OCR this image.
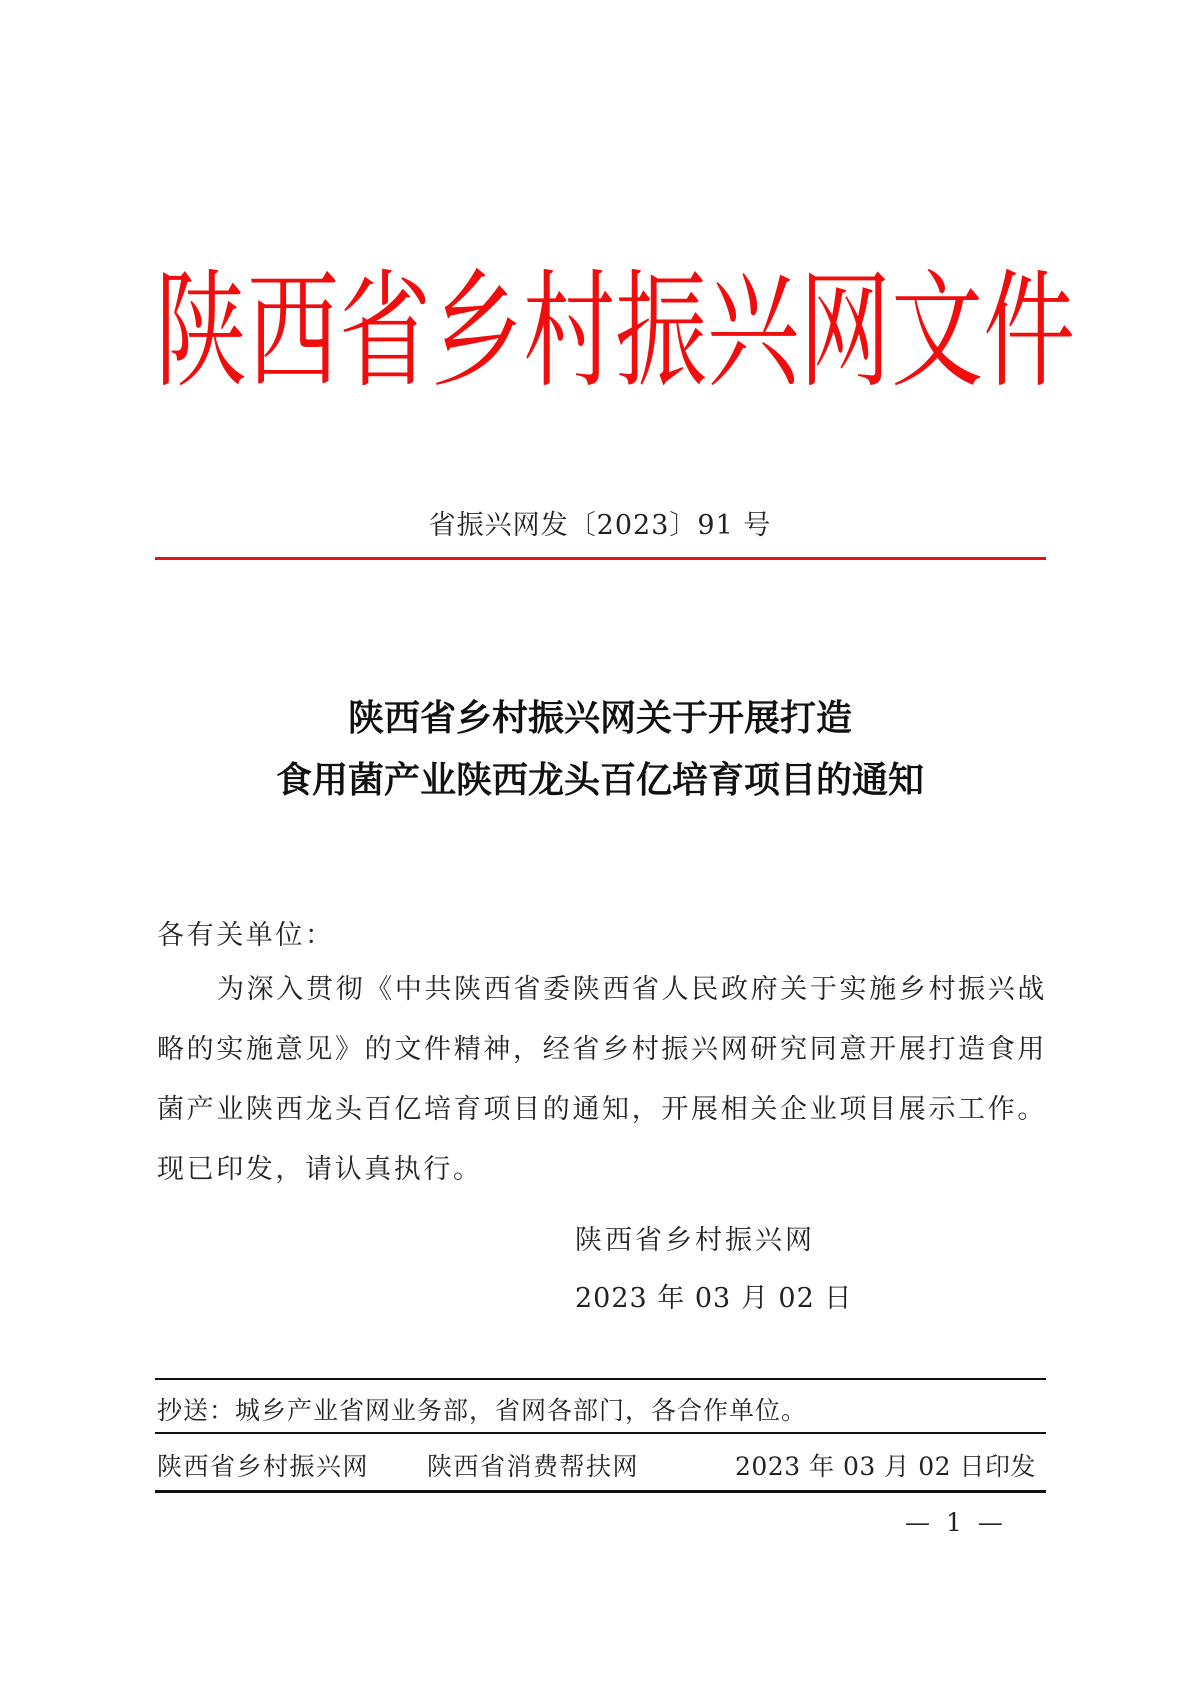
陕 西 省 乡 村 振 兴 网 文 件
省振兴网发〔2023〕91 号
陕西省乡村振兴网关于开展打造
食用菌产业陕西龙头百亿培育项目的通知
各有关单位：

为深入贯彻《中共陕西省委陕西省人民政府关于实施乡村振兴战略的实施意见》的文件精神，经省乡村振兴网研究同意开展打造食用菌产业陕西龙头百亿培育项目的通知，开展相关企业项目展示工作。现已印发，请认真执行。

陕西省乡村振兴网
2023 年 03 月 02 日
抄送：城乡产业省网业务部，省网各部门，各合作单位。
陕西省乡村振兴网 陕西省消费帮扶网	2023 年 03 月 02 日印发
— 1 —
